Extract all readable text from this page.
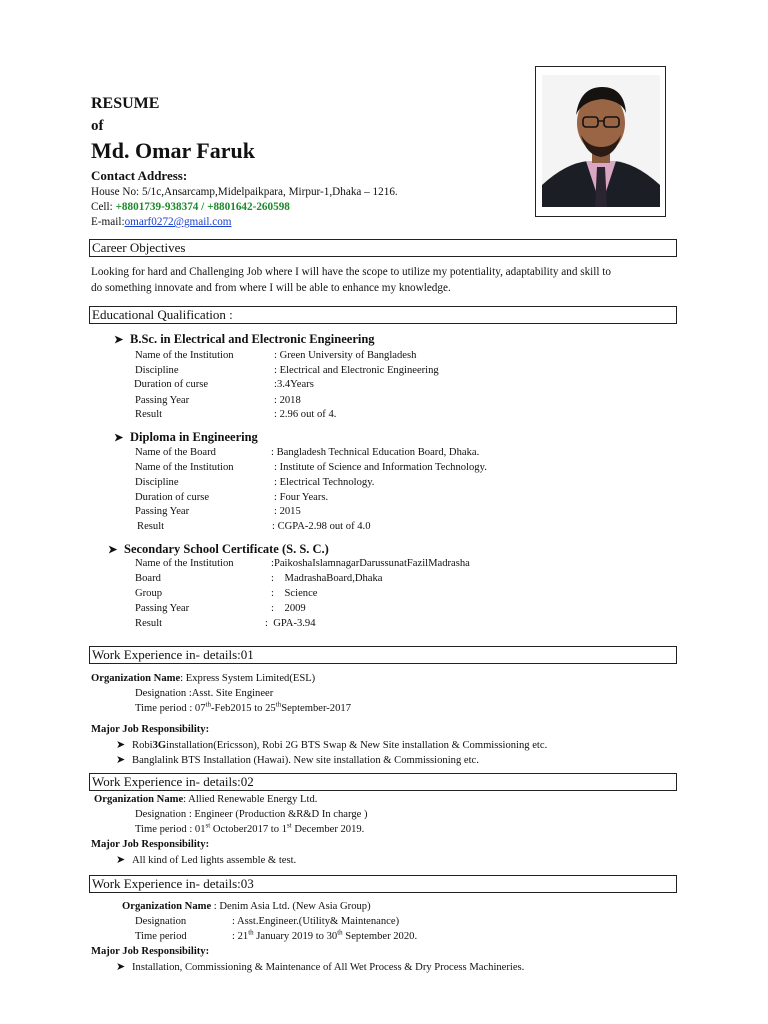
RESUME
of
Md. Omar Faruk
Contact Address:
House No: 5/1c,Ansarcamp,Midelpaikpara, Mirpur-1,Dhaka – 1216.
Cell: +8801739-938374 / +8801642-260598
E-mail:omarf0272@gmail.com
Career Objectives
Looking for hard and Challenging Job where I will have the scope to utilize my potentiality, adaptability and skill to
do something innovate and from where I will be able to enhance my knowledge.
Educational Qualification :
➤ B.Sc. in Electrical and Electronic Engineering
Name of the Institution	: Green University of Bangladesh
Discipline	: Electrical and Electronic Engineering
Duration of curse	:3.4Years
Passing Year	: 2018
Result	: 2.96 out of 4.
➤ Diploma in Engineering
Name of the Board	: Bangladesh Technical Education Board, Dhaka.
Name of the Institution	: Institute of Science and Information Technology.
Discipline	: Electrical Technology.
Duration of curse	: Four Years.
Passing Year	: 2015
Result	: CGPA-2.98 out of 4.0
➤ Secondary School Certificate (S. S. C.)
Name of the Institution	:PaikoshaIslamnagarDarussunatFazilMadrasha
Board	:    MadrashaBoard,Dhaka
Group	:    Science
Passing Year	:    2009
Result	:  GPA-3.94
Work Experience in- details:01
Organization Name: Express System Limited(ESL)
Designation :Asst. Site Engineer
Time period : 07th-Feb2015 to 25thSeptember-2017
Major Job Responsibility:
➤ Robi3Ginstallation(Ericsson), Robi 2G BTS Swap & New Site installation & Commissioning etc.
➤ Banglalink BTS Installation (Hawai). New site installation & Commissioning etc.
Work Experience in- details:02
Organization Name: Allied Renewable Energy Ltd.
Designation : Engineer (Production &R&D In charge )
Time period : 01st October2017 to 1st December 2019.
Major Job Responsibility:
➤ All kind of Led lights assemble & test.
Work Experience in- details:03
Organization Name : Denim Asia Ltd. (New Asia Group)
Designation	: Asst.Engineer.(Utility& Maintenance)
Time period	: 21th January 2019 to 30th September 2020.
Major Job Responsibility:
➤ Installation, Commissioning & Maintenance of All Wet Process & Dry Process Machineries.
